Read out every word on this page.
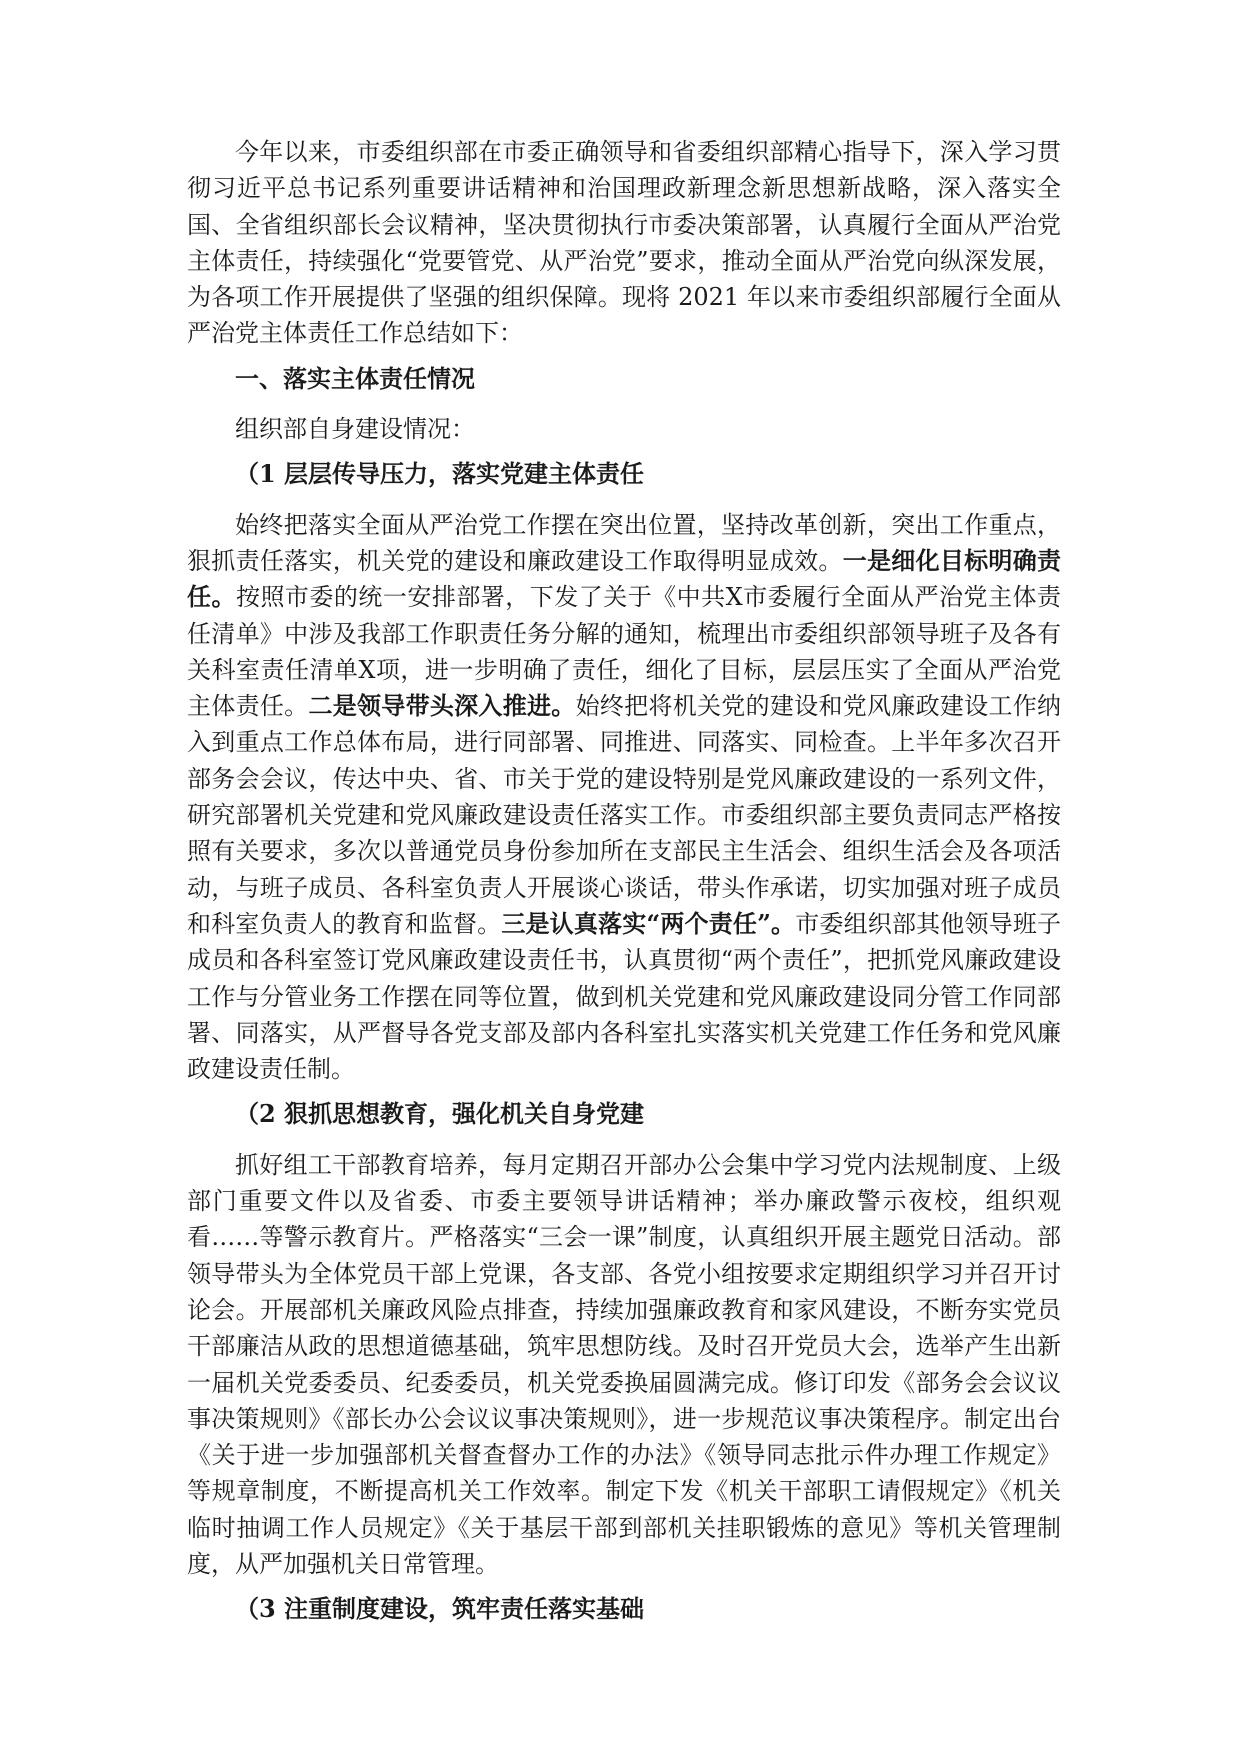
今年以来，市委组织部在市委正确领导和省委组织部精心指导下，深入学习贯彻习近平总书记系列重要讲话精神和治国理政新理念新思想新战略，深入落实全国、全省组织部长会议精神，坚决贯彻执行市委决策部署，认真履行全面从严治党主体责任，持续强化“党要管党、从严治党”要求，推动全面从严治党向纵深发展，为各项工作开展提供了坚强的组织保障。现将 2021 年以来市委组织部履行全面从严治党主体责任工作总结如下：

一、落实主体责任情况

组织部自身建设情况：

（1 层层传导压力，落实党建主体责任

始终把落实全面从严治党工作摆在突出位置，坚持改革创新，突出工作重点，狠抓责任落实，机关党的建设和廉政建设工作取得明显成效。一是细化目标明确责任。按照市委的统一安排部署，下发了关于《中共X市委履行全面从严治党主体责任清单》中涉及我部工作职责任务分解的通知，梳理出市委组织部领导班子及各有关科室责任清单X项，进一步明确了责任，细化了目标，层层压实了全面从严治党主体责任。二是领导带头深入推进。始终把将机关党的建设和党风廉政建设工作纳入到重点工作总体布局，进行同部署、同推进、同落实、同检查。上半年多次召开部务会会议，传达中央、省、市关于党的建设特别是党风廉政建设的一系列文件，研究部署机关党建和党风廉政建设责任落实工作。市委组织部主要负责同志严格按照有关要求，多次以普通党员身份参加所在支部民主生活会、组织生活会及各项活动，与班子成员、各科室负责人开展谈心谈话，带头作承诺，切实加强对班子成员和科室负责人的教育和监督。三是认真落实“两个责任”。市委组织部其他领导班子成员和各科室签订党风廉政建设责任书，认真贯彻“两个责任”，把抓党风廉政建设工作与分管业务工作摆在同等位置，做到机关党建和党风廉政建设同分管工作同部署、同落实，从严督导各党支部及部内各科室扎实落实机关党建工作任务和党风廉政建设责任制。

（2 狠抓思想教育，强化机关自身党建

抓好组工干部教育培养，每月定期召开部办公会集中学习党内法规制度、上级部门重要文件以及省委、市委主要领导讲话精神；举办廉政警示夜校，组织观看……等警示教育片。严格落实“三会一课”制度，认真组织开展主题党日活动。部领导带头为全体党员干部上党课，各支部、各党小组按要求定期组织学习并召开讨论会。开展部机关廉政风险点排查，持续加强廉政教育和家风建设，不断夯实党员干部廉洁从政的思想道德基础，筑牢思想防线。及时召开党员大会，选举产生出新一届机关党委委员、纪委委员，机关党委换届圆满完成。修订印发《部务会会议议事决策规则》《部长办公会议议事决策规则》，进一步规范议事决策程序。制定出台《关于进一步加强部机关督查督办工作的办法》《领导同志批示件办理工作规定》等规章制度，不断提高机关工作效率。制定下发《机关干部职工请假规定》《机关临时抽调工作人员规定》《关于基层干部到部机关挂职锻炼的意见》等机关管理制度，从严加强机关日常管理。

（3 注重制度建设，筑牢责任落实基础
